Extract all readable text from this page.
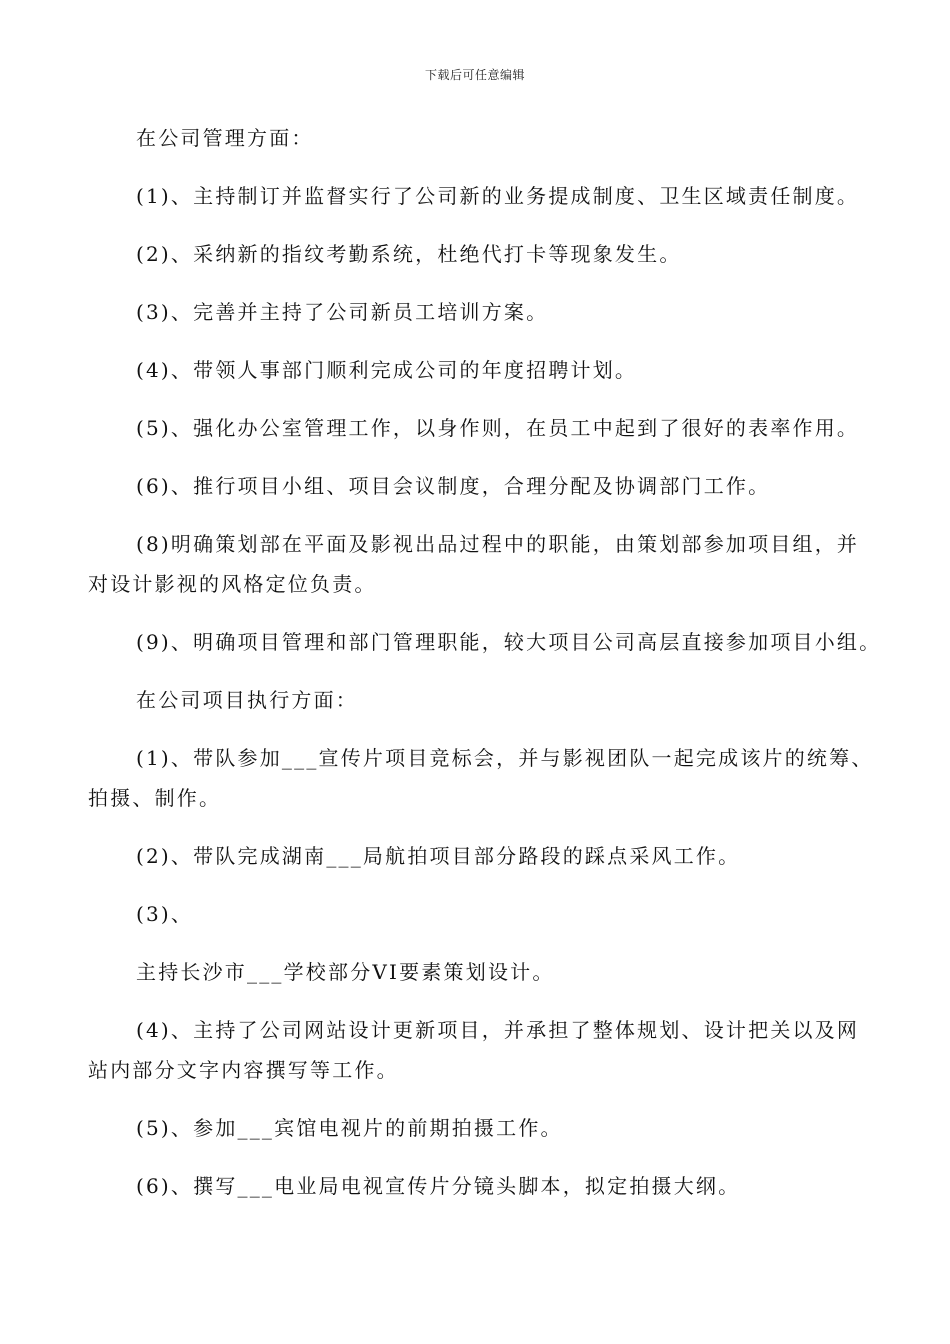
下载后可任意编辑
在公司管理方面：
(1)、主持制订并监督实行了公司新的业务提成制度、卫生区域责任制度。
(2)、采纳新的指纹考勤系统，杜绝代打卡等现象发生。
(3)、完善并主持了公司新员工培训方案。
(4)、带领人事部门顺利完成公司的年度招聘计划。
(5)、强化办公室管理工作，以身作则，在员工中起到了很好的表率作用。
(6)、推行项目小组、项目会议制度，合理分配及协调部门工作。
(8)明确策划部在平面及影视出品过程中的职能，由策划部参加项目组，并
对设计影视的风格定位负责。
(9)、明确项目管理和部门管理职能，较大项目公司高层直接参加项目小组。
在公司项目执行方面：
(1)、带队参加___宣传片项目竞标会，并与影视团队一起完成该片的统筹、
拍摄、制作。
(2)、带队完成湖南___局航拍项目部分路段的踩点采风工作。
(3)、
主持长沙市___学校部分VI要素策划设计。
(4)、主持了公司网站设计更新项目，并承担了整体规划、设计把关以及网
站内部分文字内容撰写等工作。
(5)、参加___宾馆电视片的前期拍摄工作。
(6)、撰写___电业局电视宣传片分镜头脚本，拟定拍摄大纲。
